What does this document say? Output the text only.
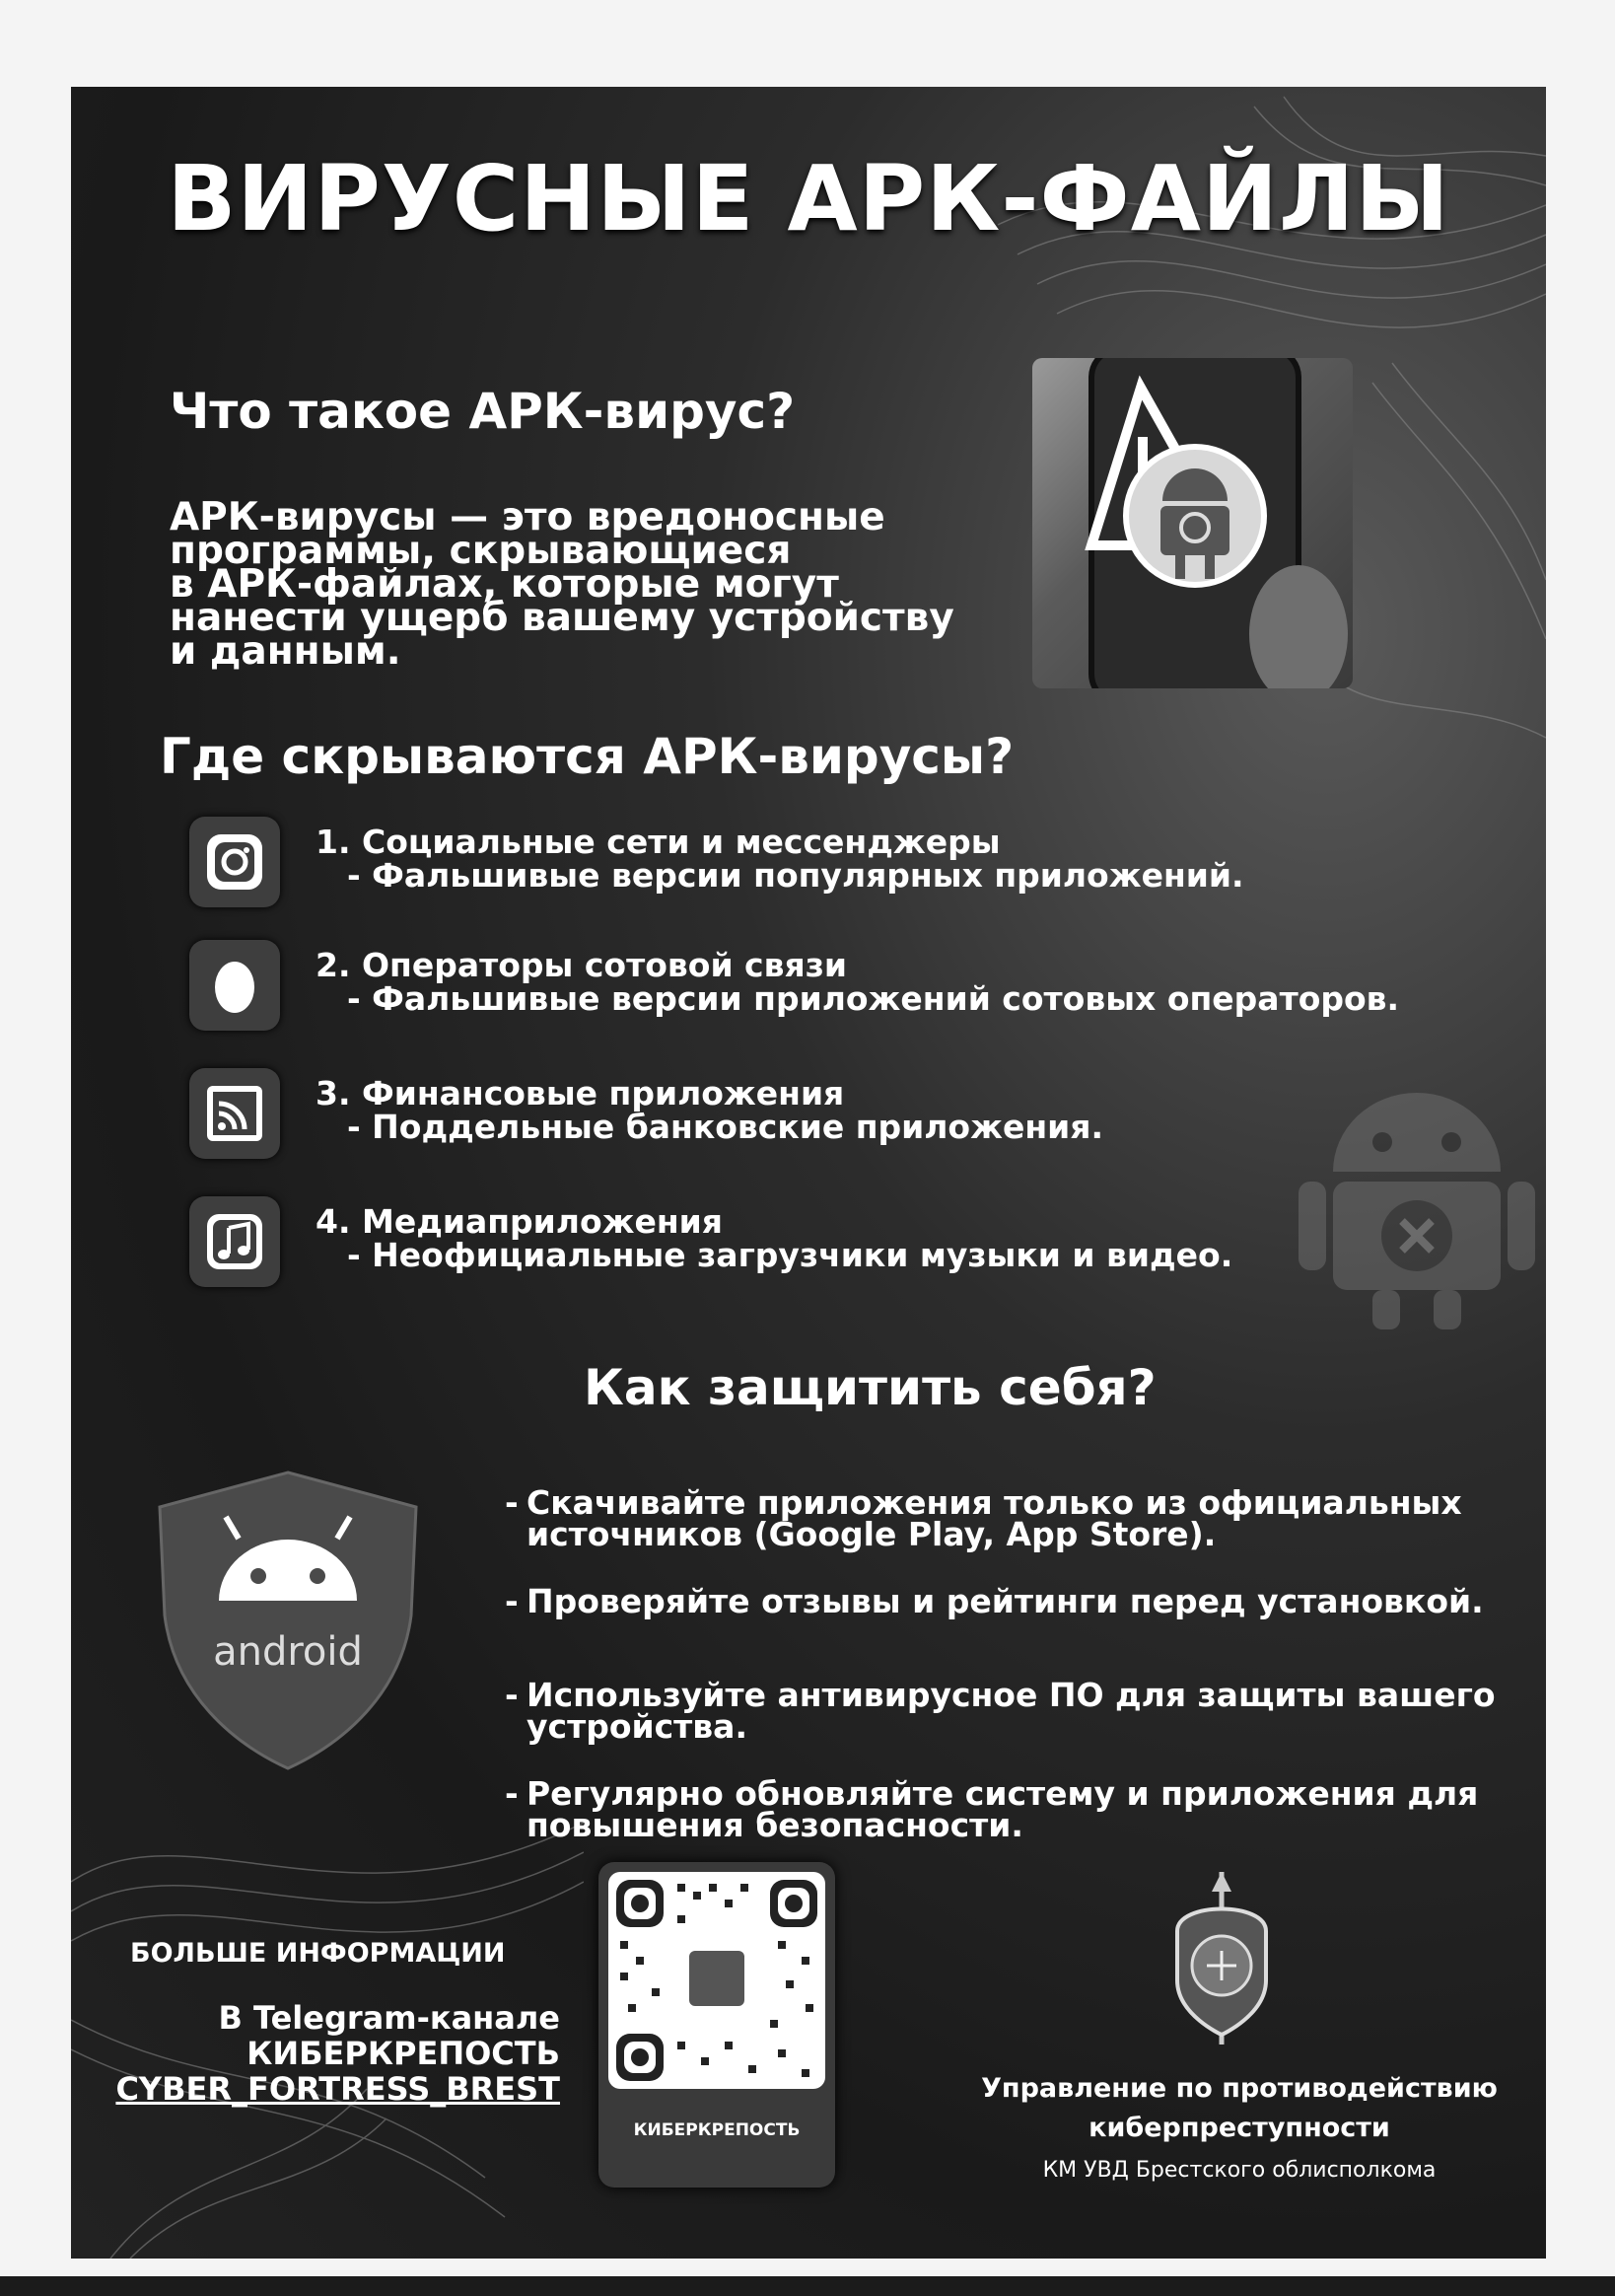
ВИРУСНЫЕ АРК-ФАЙЛЫ
Что такое АРК-вирус?
АРК-вирусы — это вредоносные
программы, скрывающиеся
в АРК-файлах, которые могут
нанести ущерб вашему устройству
и данным.
Где скрываются АРК-вирусы?
1. Социальные сети и мессенджеры
- Фальшивые версии популярных приложений.
2. Операторы сотовой связи
- Фальшивые версии приложений сотовых операторов.
3. Финансовые приложения
- Поддельные банковские приложения.
4. Медиаприложения
- Неофициальные загрузчики музыки и видео.
Как защитить себя?
android
- Скачивайте приложения только из официальных
источников (Google Play, App Store).
- Проверяйте отзывы и рейтинги перед установкой.
- Используйте антивирусное ПО для защиты вашего
устройства.
- Регулярно обновляйте систему и приложения для
повышения безопасности.
БОЛЬШЕ ИНФОРМАЦИИ
В Telegram-канале
КИБЕРКРЕПОСТЬ
CYBER_FORTRESS_BREST
КИБЕРКРЕПОСТЬ
Управление по противодействию
киберпреступности
КМ УВД Брестского облисполкома
